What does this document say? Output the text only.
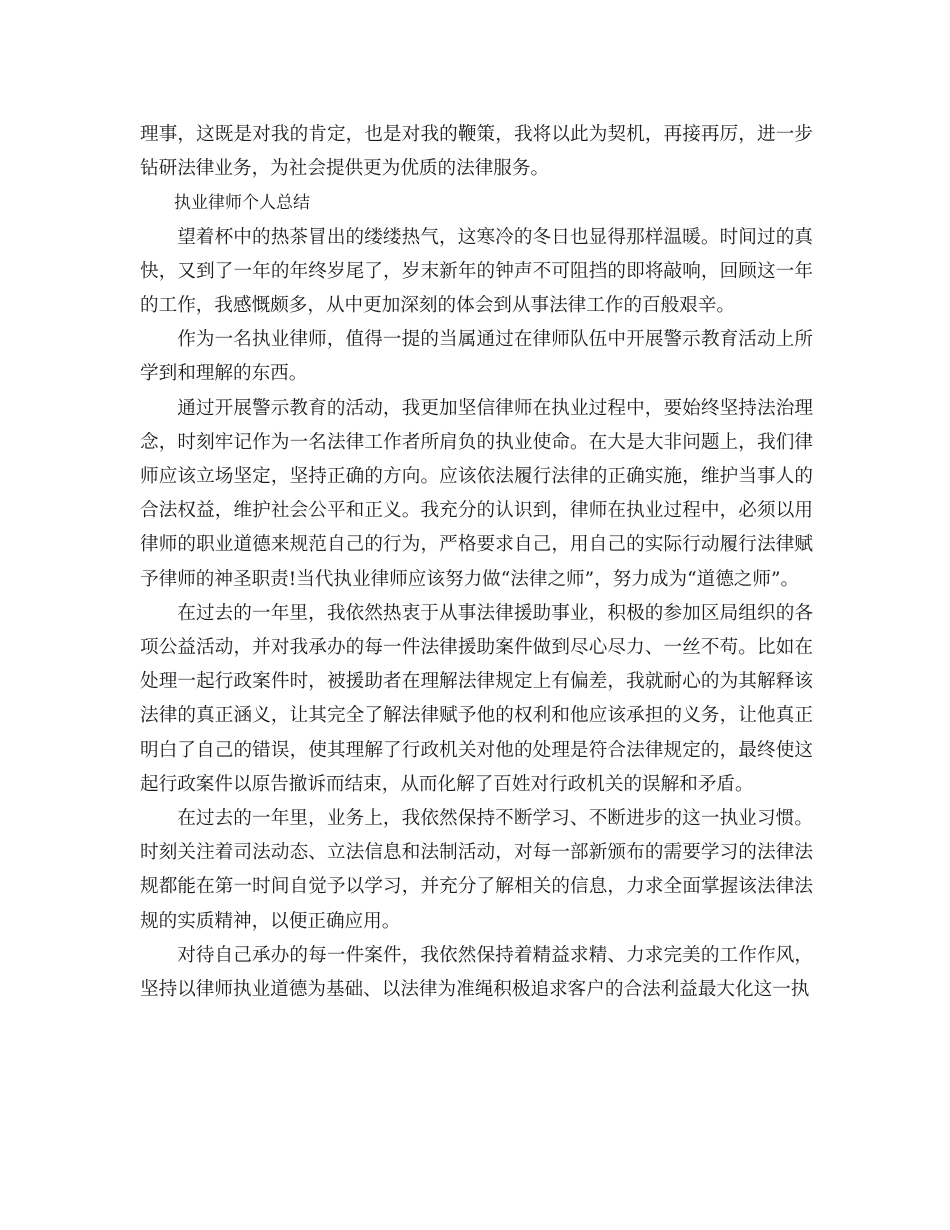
理事，这既是对我的肯定，也是对我的鞭策，我将以此为契机，再接再厉，进一步钻研法律业务，为社会提供更为优质的法律服务。

执业律师个人总结

望着杯中的热茶冒出的缕缕热气，这寒冷的冬日也显得那样温暖。时间过的真快，又到了一年的年终岁尾了，岁末新年的钟声不可阻挡的即将敲响，回顾这一年的工作，我感慨颇多，从中更加深刻的体会到从事法律工作的百般艰辛。

作为一名执业律师，值得一提的当属通过在律师队伍中开展警示教育活动上所学到和理解的东西。

通过开展警示教育的活动，我更加坚信律师在执业过程中，要始终坚持法治理念，时刻牢记作为一名法律工作者所肩负的执业使命。在大是大非问题上，我们律师应该立场坚定，坚持正确的方向。应该依法履行法律的正确实施，维护当事人的合法权益，维护社会公平和正义。我充分的认识到，律师在执业过程中，必须以用律师的职业道德来规范自己的行为，严格要求自己，用自己的实际行动履行法律赋予律师的神圣职责!当代执业律师应该努力做“法律之师”，努力成为“道德之师”。

在过去的一年里，我依然热衷于从事法律援助事业，积极的参加区局组织的各项公益活动，并对我承办的每一件法律援助案件做到尽心尽力、一丝不苟。比如在处理一起行政案件时，被援助者在理解法律规定上有偏差，我就耐心的为其解释该法律的真正涵义，让其完全了解法律赋予他的权利和他应该承担的义务，让他真正明白了自己的错误，使其理解了行政机关对他的处理是符合法律规定的，最终使这起行政案件以原告撤诉而结束，从而化解了百姓对行政机关的误解和矛盾。

在过去的一年里，业务上，我依然保持不断学习、不断进步的这一执业习惯。时刻关注着司法动态、立法信息和法制活动，对每一部新颁布的需要学习的法律法规都能在第一时间自觉予以学习，并充分了解相关的信息，力求全面掌握该法律法规的实质精神，以便正确应用。

对待自己承办的每一件案件，我依然保持着精益求精、力求完美的工作作风，坚持以律师执业道德为基础、以法律为准绳积极追求客户的合法利益最大化这一执
